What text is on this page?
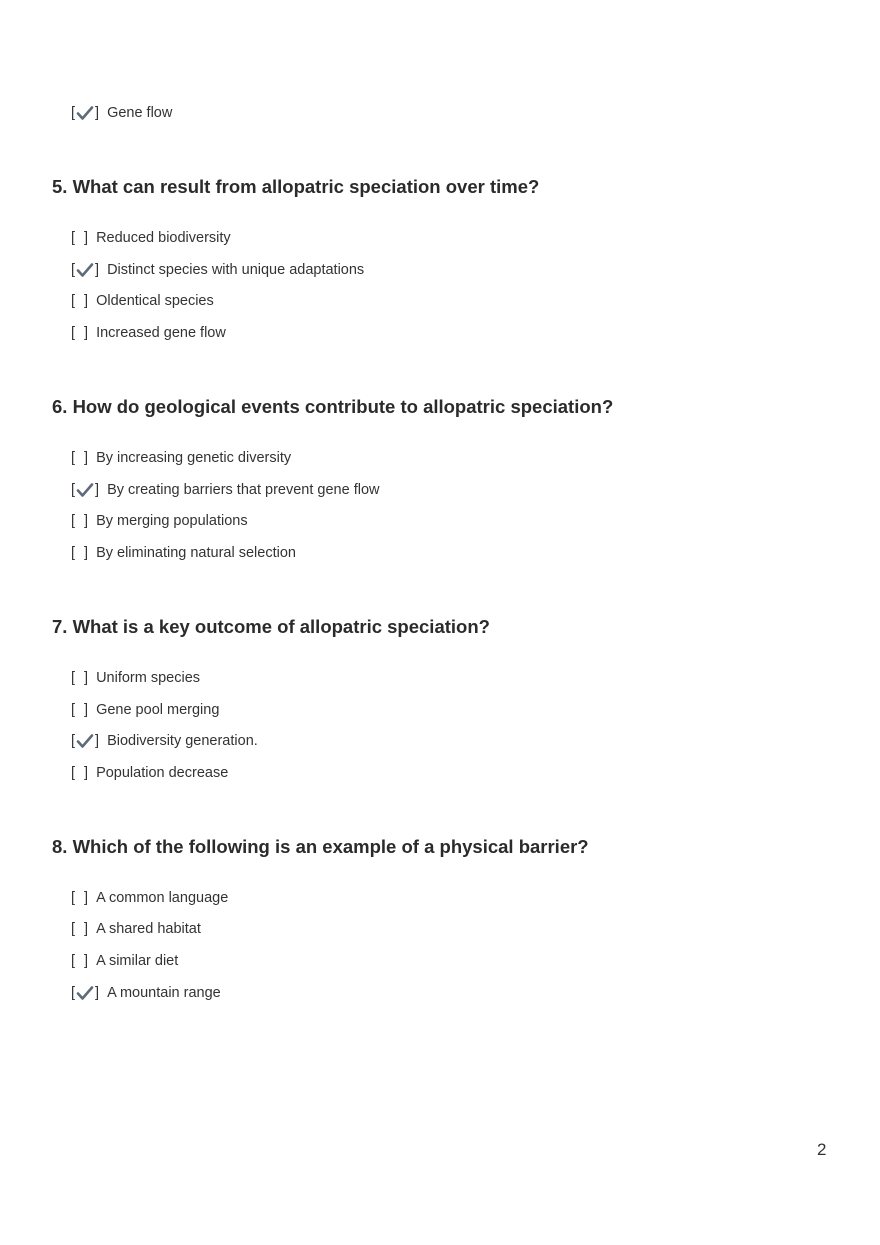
[ ] Gene flow
5. What can result from allopatric speciation over time?
[ ] Reduced biodiversity
[ ] Distinct species with unique adaptations
[ ] Oldentical species
[ ] Increased gene flow
6. How do geological events contribute to allopatric speciation?
[ ] By increasing genetic diversity
[ ] By creating barriers that prevent gene flow
[ ] By merging populations
[ ] By eliminating natural selection
7. What is a key outcome of allopatric speciation?
[ ] Uniform species
[ ] Gene pool merging
[ ] Biodiversity generation.
[ ] Population decrease
8. Which of the following is an example of a physical barrier?
[ ] A common language
[ ] A shared habitat
[ ] A similar diet
[ ] A mountain range
2
